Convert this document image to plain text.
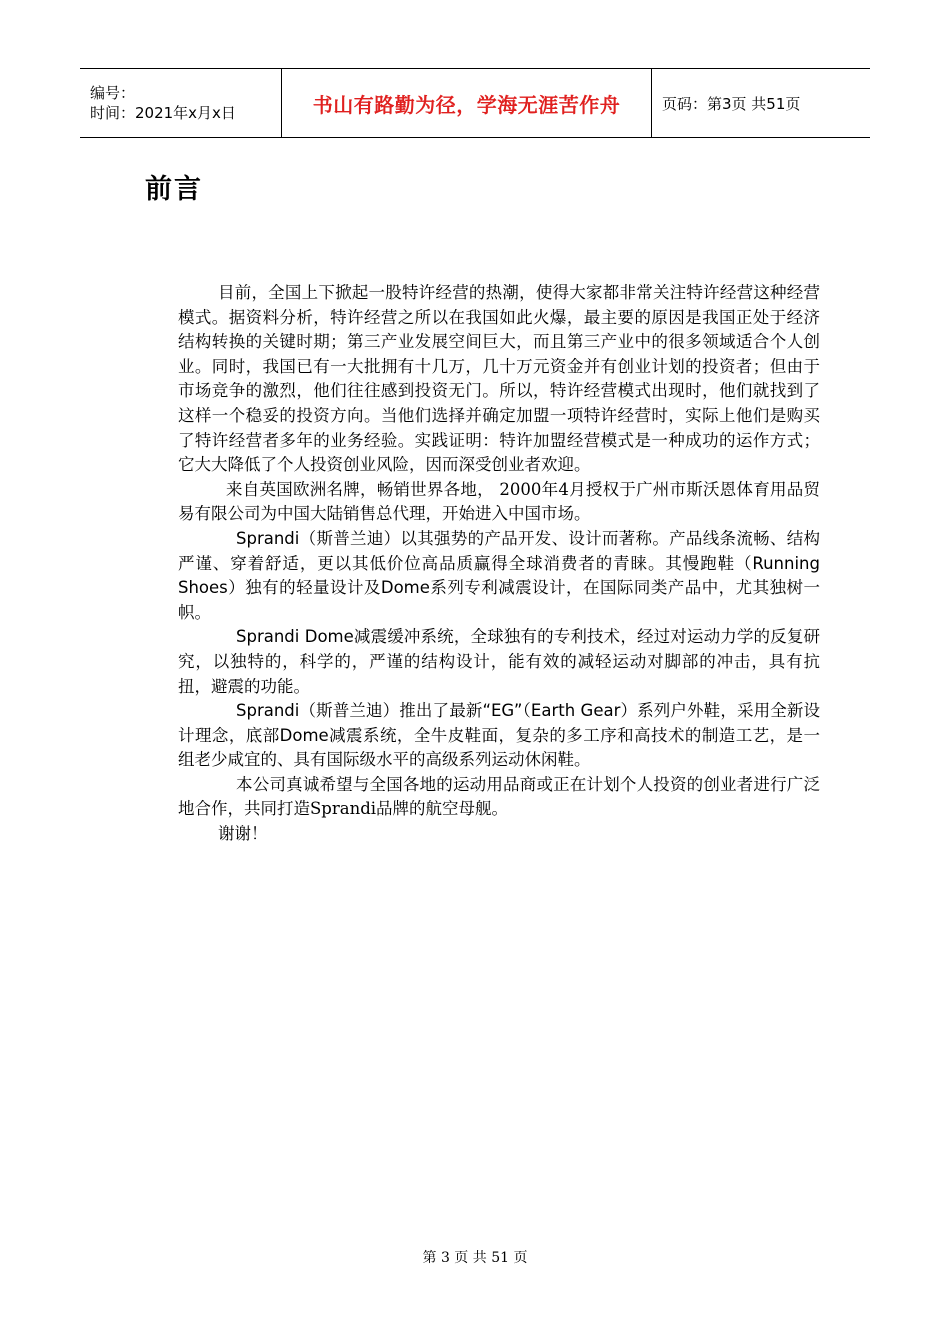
编号：
时间：2021年x月x日	书山有路勤为径，学海无涯苦作舟	页码：第3页 共51页
前言

目前，全国上下掀起一股特许经营的热潮，使得大家都非常关注特许经营这种经营模式。据资料分析，特许经营之所以在我国如此火爆，最主要的原因是我国正处于经济结构转换的关键时期；第三产业发展空间巨大，而且第三产业中的很多领域适合个人创业。同时，我国已有一大批拥有十几万，几十万元资金并有创业计划的投资者；但由于市场竞争的激烈，他们往往感到投资无门。所以，特许经营模式出现时，他们就找到了这样一个稳妥的投资方向。当他们选择并确定加盟一项特许经营时，实际上他们是购买了特许经营者多年的业务经验。实践证明：特许加盟经营模式是一种成功的运作方式；它大大降低了个人投资创业风险，因而深受创业者欢迎。

来自英国欧洲名牌，畅销世界各地， 2000年4月授权于广州市斯沃恩体育用品贸易有限公司为中国大陆销售总代理，开始进入中国市场。

Sprandi（斯普兰迪）以其强势的产品开发、设计而著称。产品线条流畅、结构严谨、穿着舒适，更以其低价位高品质赢得全球消费者的青睐。其慢跑鞋（Running Shoes）独有的轻量设计及Dome系列专利减震设计，在国际同类产品中，尤其独树一帜。

Sprandi Dome减震缓冲系统，全球独有的专利技术，经过对运动力学的反复研究，以独特的，科学的，严谨的结构设计，能有效的减轻运动对脚部的冲击，具有抗扭，避震的功能。

Sprandi（斯普兰迪）推出了最新“EG”（Earth Gear）系列户外鞋，采用全新设计理念，底部Dome减震系统，全牛皮鞋面，复杂的多工序和高技术的制造工艺，是一组老少咸宜的、具有国际级水平的高级系列运动休闲鞋。

本公司真诚希望与全国各地的运动用品商或正在计划个人投资的创业者进行广泛地合作，共同打造Sprandi品牌的航空母舰。

谢谢！

第 3 页 共 51 页
